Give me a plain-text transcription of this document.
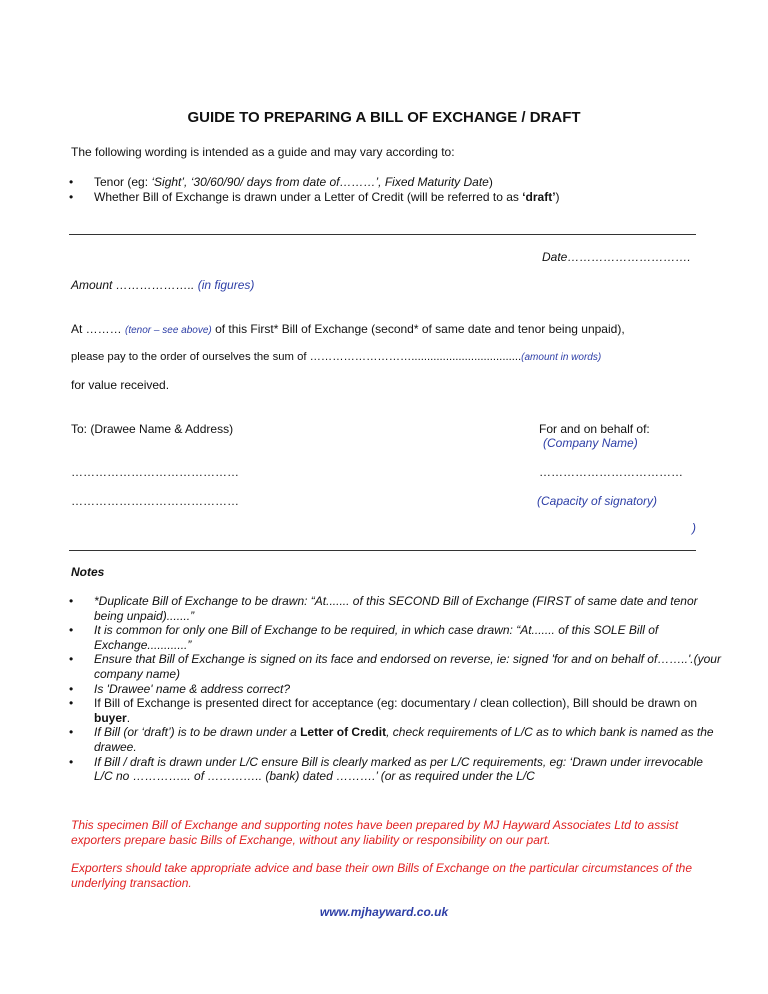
GUIDE TO PREPARING A BILL OF EXCHANGE / DRAFT
The following wording is intended as a guide and may vary according to:
• Tenor (eg: ‘Sight’, ‘30/60/90/ days from date of………’, Fixed Maturity Date)
• Whether Bill of Exchange is drawn under a Letter of Credit (will be referred to as ‘draft’)
Date………………………….
Amount ……………….. (in figures)
At ……… (tenor – see above) of this First* Bill of Exchange (second* of same date and tenor being unpaid),
please pay to the order of ourselves the sum of ………………………...................................(amount in words)
for value received.
To: (Drawee Name & Address)	For and on behalf of:
(Company Name)
……………………………………	………………………………
……………………………………	(Capacity of signatory)
)
Notes
• *Duplicate Bill of Exchange to be drawn: “At....... of this SECOND Bill of Exchange (FIRST of same date and tenor being unpaid).......”
• It is common for only one Bill of Exchange to be required, in which case drawn: “At....... of this SOLE Bill of Exchange............”
• Ensure that Bill of Exchange is signed on its face and endorsed on reverse, ie: signed 'for and on behalf of……..'.(your company name)
• Is 'Drawee' name & address correct?
• If Bill of Exchange is presented direct for acceptance (eg: documentary / clean collection), Bill should be drawn on buyer.
• If Bill (or ‘draft’) is to be drawn under a Letter of Credit, check requirements of L/C as to which bank is named as the drawee.
• If Bill / draft is drawn under L/C ensure Bill is clearly marked as per L/C requirements, eg: ‘Drawn under irrevocable L/C no …………... of ………….. (bank) dated ……….’ (or as required under the L/C
This specimen Bill of Exchange and supporting notes have been prepared by MJ Hayward Associates Ltd to assist exporters prepare basic Bills of Exchange, without any liability or responsibility on our part.
Exporters should take appropriate advice and base their own Bills of Exchange on the particular circumstances of the underlying transaction.
www.mjhayward.co.uk
